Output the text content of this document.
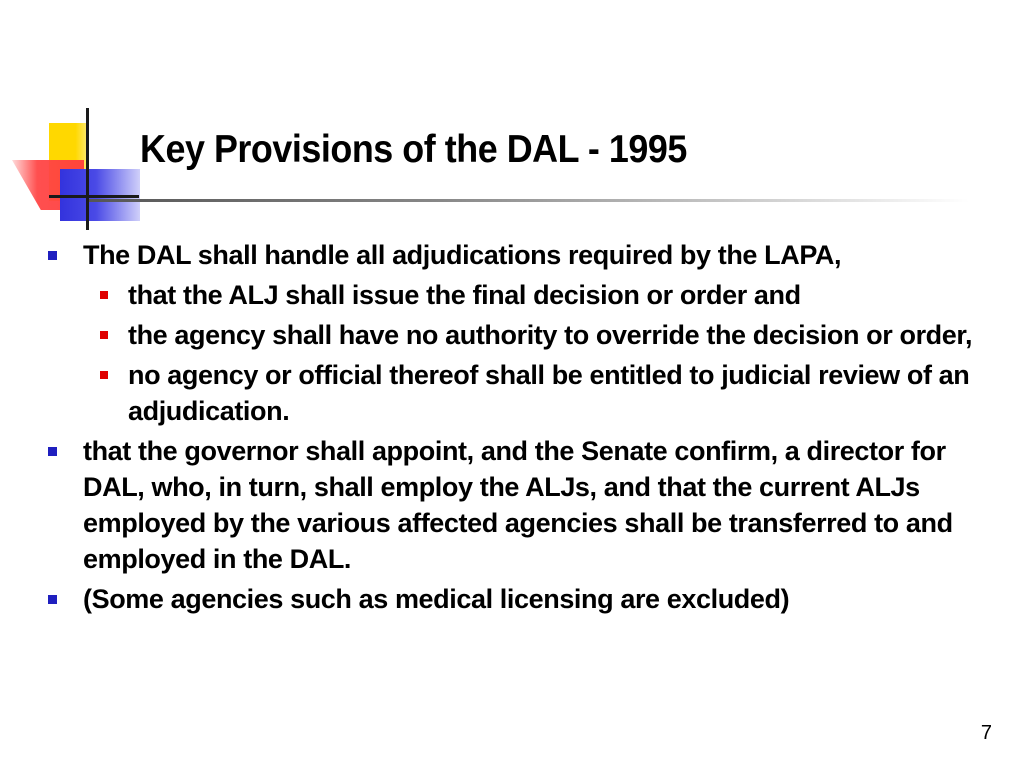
Key Provisions of the DAL - 1995
The DAL shall handle all adjudications required by the LAPA,
that the ALJ shall issue the final decision or order and
the agency shall have no authority to override the decision or order,
no agency or official thereof shall be entitled to judicial review of an adjudication.
that the governor shall appoint, and the Senate confirm, a director for DAL, who, in turn, shall employ the ALJs, and that the current ALJs employed by the various affected agencies shall be transferred to and employed in the DAL.
(Some agencies such as medical licensing are excluded)
7
